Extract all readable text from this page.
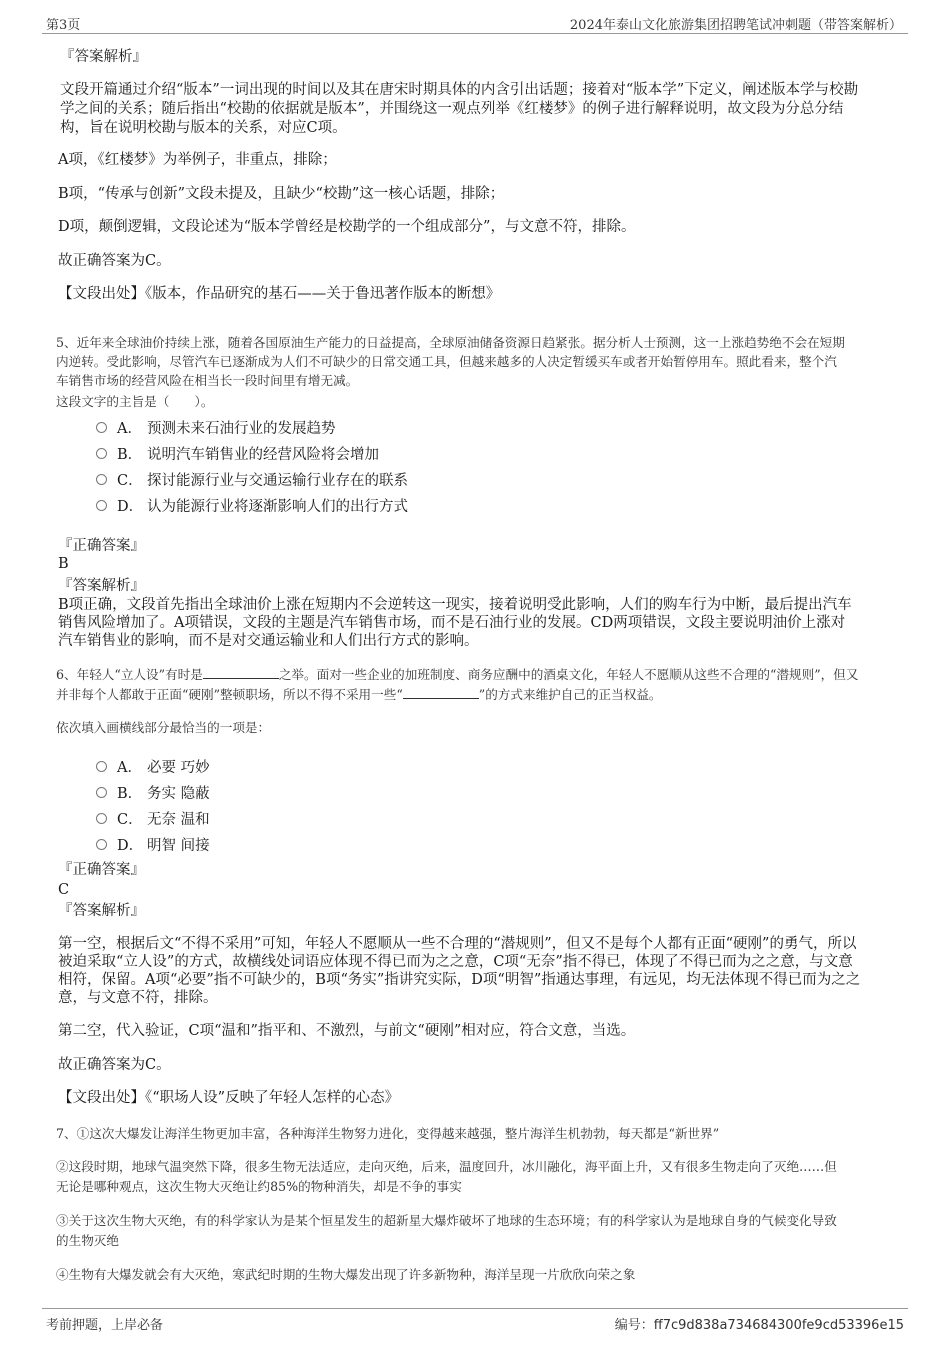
第3页	2024年泰山文化旅游集团招聘笔试冲刺题（带答案解析）
『答案解析』
文段开篇通过介绍“版本”一词出现的时间以及其在唐宋时期具体的内含引出话题；接着对“版本学”下定义，阐述版本学与校勘
学之间的关系；随后指出“校勘的依据就是版本”，并围绕这一观点列举《红楼梦》的例子进行解释说明，故文段为分总分结
构，旨在说明校勘与版本的关系，对应C项。
A项，《红楼梦》为举例子，非重点，排除；
B项，“传承与创新”文段未提及，且缺少“校勘”这一核心话题，排除；
D项，颠倒逻辑，文段论述为“版本学曾经是校勘学的一个组成部分”，与文意不符，排除。
故正确答案为C。
【文段出处】《版本，作品研究的基石——关于鲁迅著作版本的断想》
5、近年来全球油价持续上涨，随着各国原油生产能力的日益提高，全球原油储备资源日趋紧张。据分析人士预测，这一上涨趋势绝不会在短期
内逆转。受此影响，尽管汽车已逐渐成为人们不可缺少的日常交通工具，但越来越多的人决定暂缓买车或者开始暂停用车。照此看来，整个汽
车销售市场的经营风险在相当长一段时间里有增无减。
这段文字的主旨是（　　）。
A． 预测未来石油行业的发展趋势
B． 说明汽车销售业的经营风险将会增加
C． 探讨能源行业与交通运输行业存在的联系
D． 认为能源行业将逐渐影响人们的出行方式
『正确答案』
B
『答案解析』
B项正确，文段首先指出全球油价上涨在短期内不会逆转这一现实，接着说明受此影响，人们的购车行为中断，最后提出汽车
销售风险增加了。A项错误，文段的主题是汽车销售市场，而不是石油行业的发展。CD两项错误，文段主要说明油价上涨对
汽车销售业的影响，而不是对交通运输业和人们出行方式的影响。
6、年轻人“立人设”有时是	之举。面对一些企业的加班制度、商务应酬中的酒桌文化，年轻人不愿顺从这些不合理的“潜规则”，但又
并非每个人都敢于正面“硬刚”整顿职场，所以不得不采用一些“	”的方式来维护自己的正当权益。
依次填入画横线部分最恰当的一项是：
A． 必要 巧妙
B． 务实 隐蔽
C． 无奈 温和
D． 明智 间接
『正确答案』
C
『答案解析』
第一空，根据后文“不得不采用”可知，年轻人不愿顺从一些不合理的“潜规则”，但又不是每个人都有正面“硬刚”的勇气，所以
被迫采取“立人设”的方式，故横线处词语应体现不得已而为之之意，C项“无奈”指不得已，体现了不得已而为之之意，与文意
相符，保留。A项“必要”指不可缺少的，B项“务实”指讲究实际，D项“明智”指通达事理，有远见，均无法体现不得已而为之之
意，与文意不符，排除。
第二空，代入验证，C项“温和”指平和、不激烈，与前文“硬刚”相对应，符合文意，当选。
故正确答案为C。
【文段出处】《“职场人设”反映了年轻人怎样的心态》
7、①这次大爆发让海洋生物更加丰富，各种海洋生物努力进化，变得越来越强，整片海洋生机勃勃，每天都是“新世界”
②这段时期，地球气温突然下降，很多生物无法适应，走向灭绝，后来，温度回升，冰川融化，海平面上升，又有很多生物走向了灭绝……但
无论是哪种观点，这次生物大灭绝让约85%的物种消失，却是不争的事实
③关于这次生物大灭绝，有的科学家认为是某个恒星发生的超新星大爆炸破坏了地球的生态环境；有的科学家认为是地球自身的气候变化导致
的生物灭绝
④生物有大爆发就会有大灭绝，寒武纪时期的生物大爆发出现了许多新物种，海洋呈现一片欣欣向荣之象
考前押题，上岸必备	编号：ff7c9d838a734684300fe9cd53396e15
